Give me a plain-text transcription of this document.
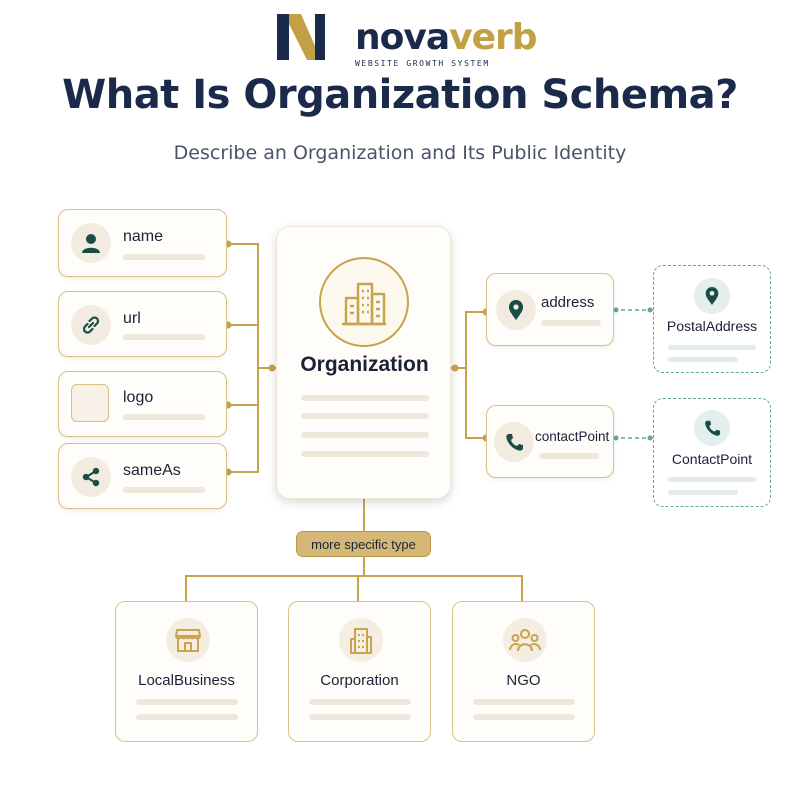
novaverb
WEBSITE GROWTH SYSTEM
What Is Organization Schema?
Describe an Organization and Its Public Identity
name
url
logo
sameAs
Organization
address
contactPoint
PostalAddress
ContactPoint
more specific type
LocalBusiness	Corporation	NGO
